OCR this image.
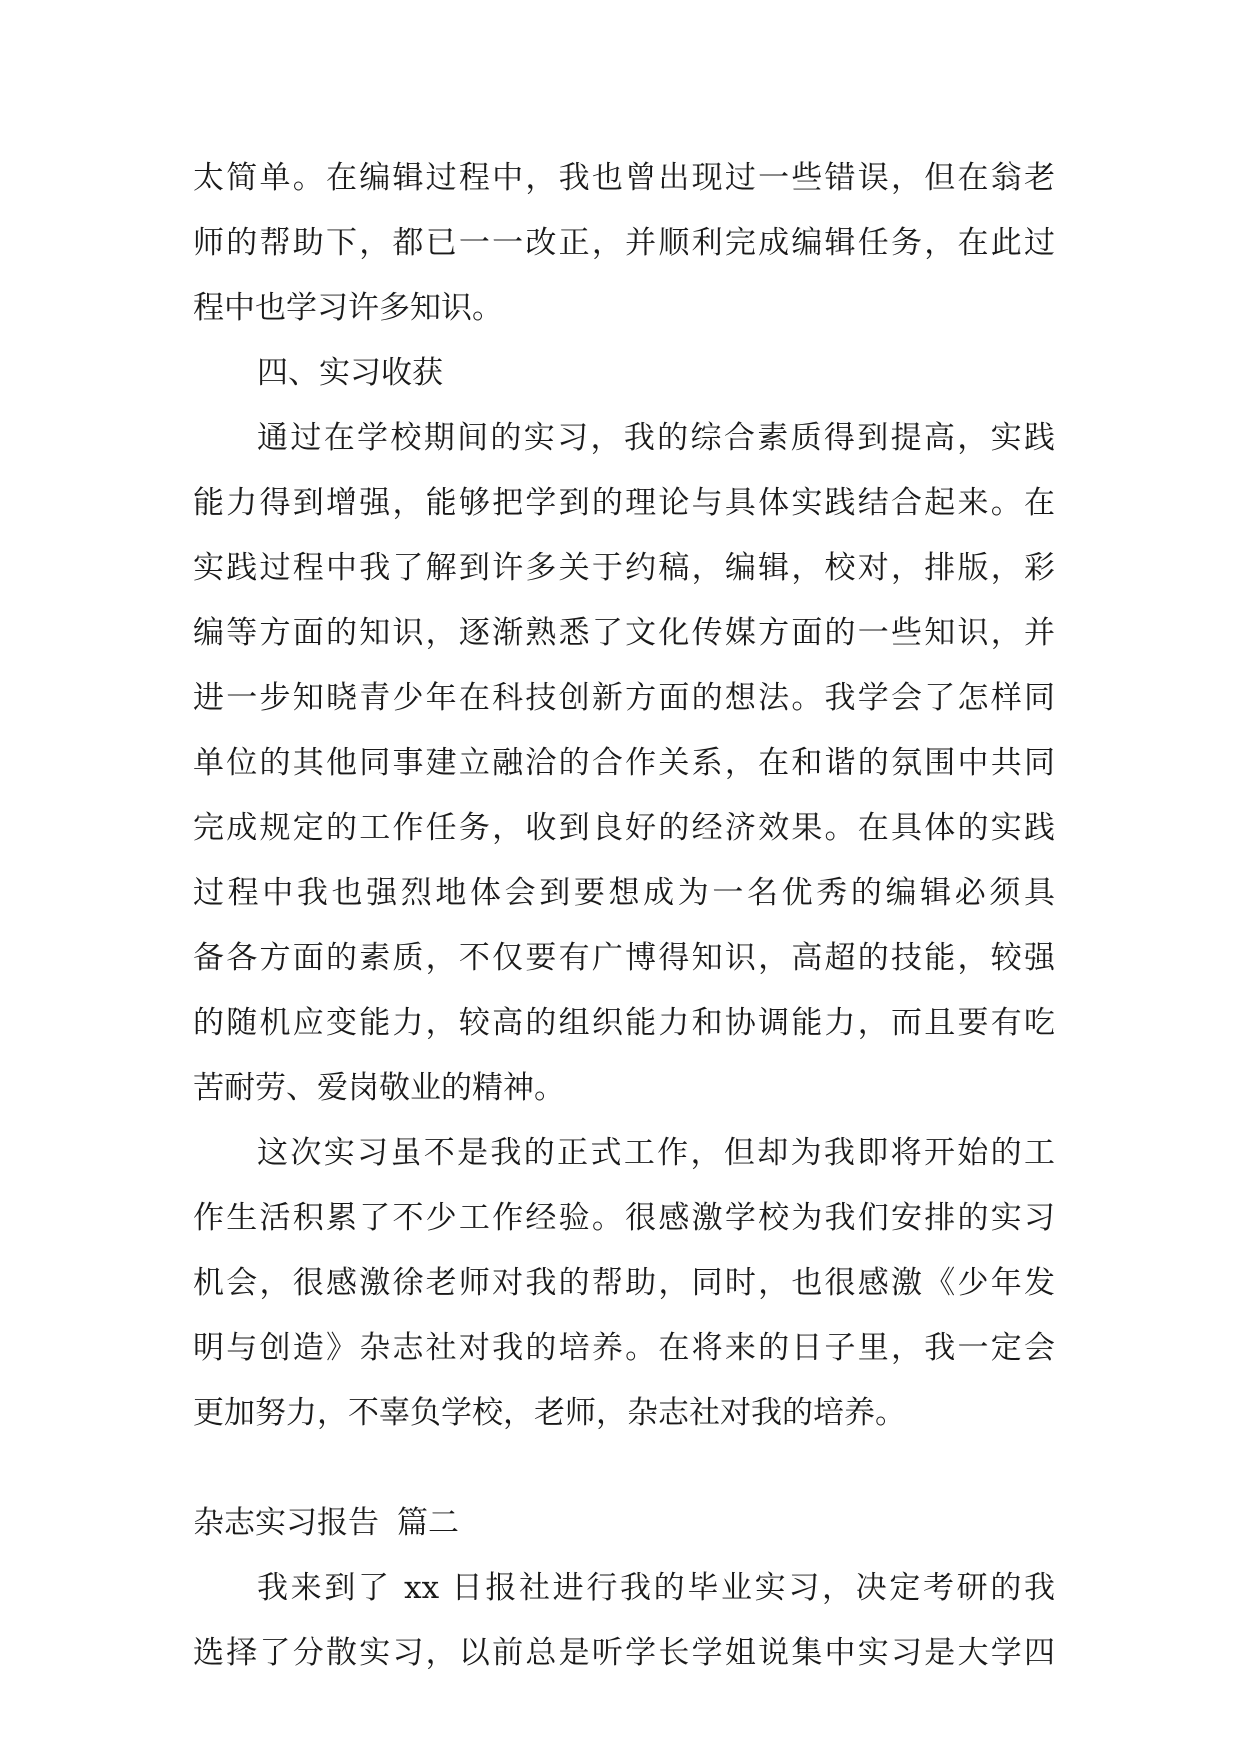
太简单。在编辑过程中，我也曾出现过一些错误，但在翁老
师的帮助下，都已一一改正，并顺利完成编辑任务，在此过
程中也学习许多知识。
四、实习收获
通过在学校期间的实习，我的综合素质得到提高，实践
能力得到增强，能够把学到的理论与具体实践结合起来。在
实践过程中我了解到许多关于约稿，编辑，校对，排版，彩
编等方面的知识，逐渐熟悉了文化传媒方面的一些知识，并
进一步知晓青少年在科技创新方面的想法。我学会了怎样同
单位的其他同事建立融洽的合作关系，在和谐的氛围中共同
完成规定的工作任务，收到良好的经济效果。在具体的实践
过程中我也强烈地体会到要想成为一名优秀的编辑必须具
备各方面的素质，不仅要有广博得知识，高超的技能，较强
的随机应变能力，较高的组织能力和协调能力，而且要有吃
苦耐劳、爱岗敬业的精神。
这次实习虽不是我的正式工作，但却为我即将开始的工
作生活积累了不少工作经验。很感激学校为我们安排的实习
机会，很感激徐老师对我的帮助，同时，也很感激《少年发
明与创造》杂志社对我的培养。在将来的日子里，我一定会
更加努力，不辜负学校，老师，杂志社对我的培养。
杂志实习报告 篇二
我来到了 xx 日报社进行我的毕业实习，决定考研的我
选择了分散实习，以前总是听学长学姐说集中实习是大学四
